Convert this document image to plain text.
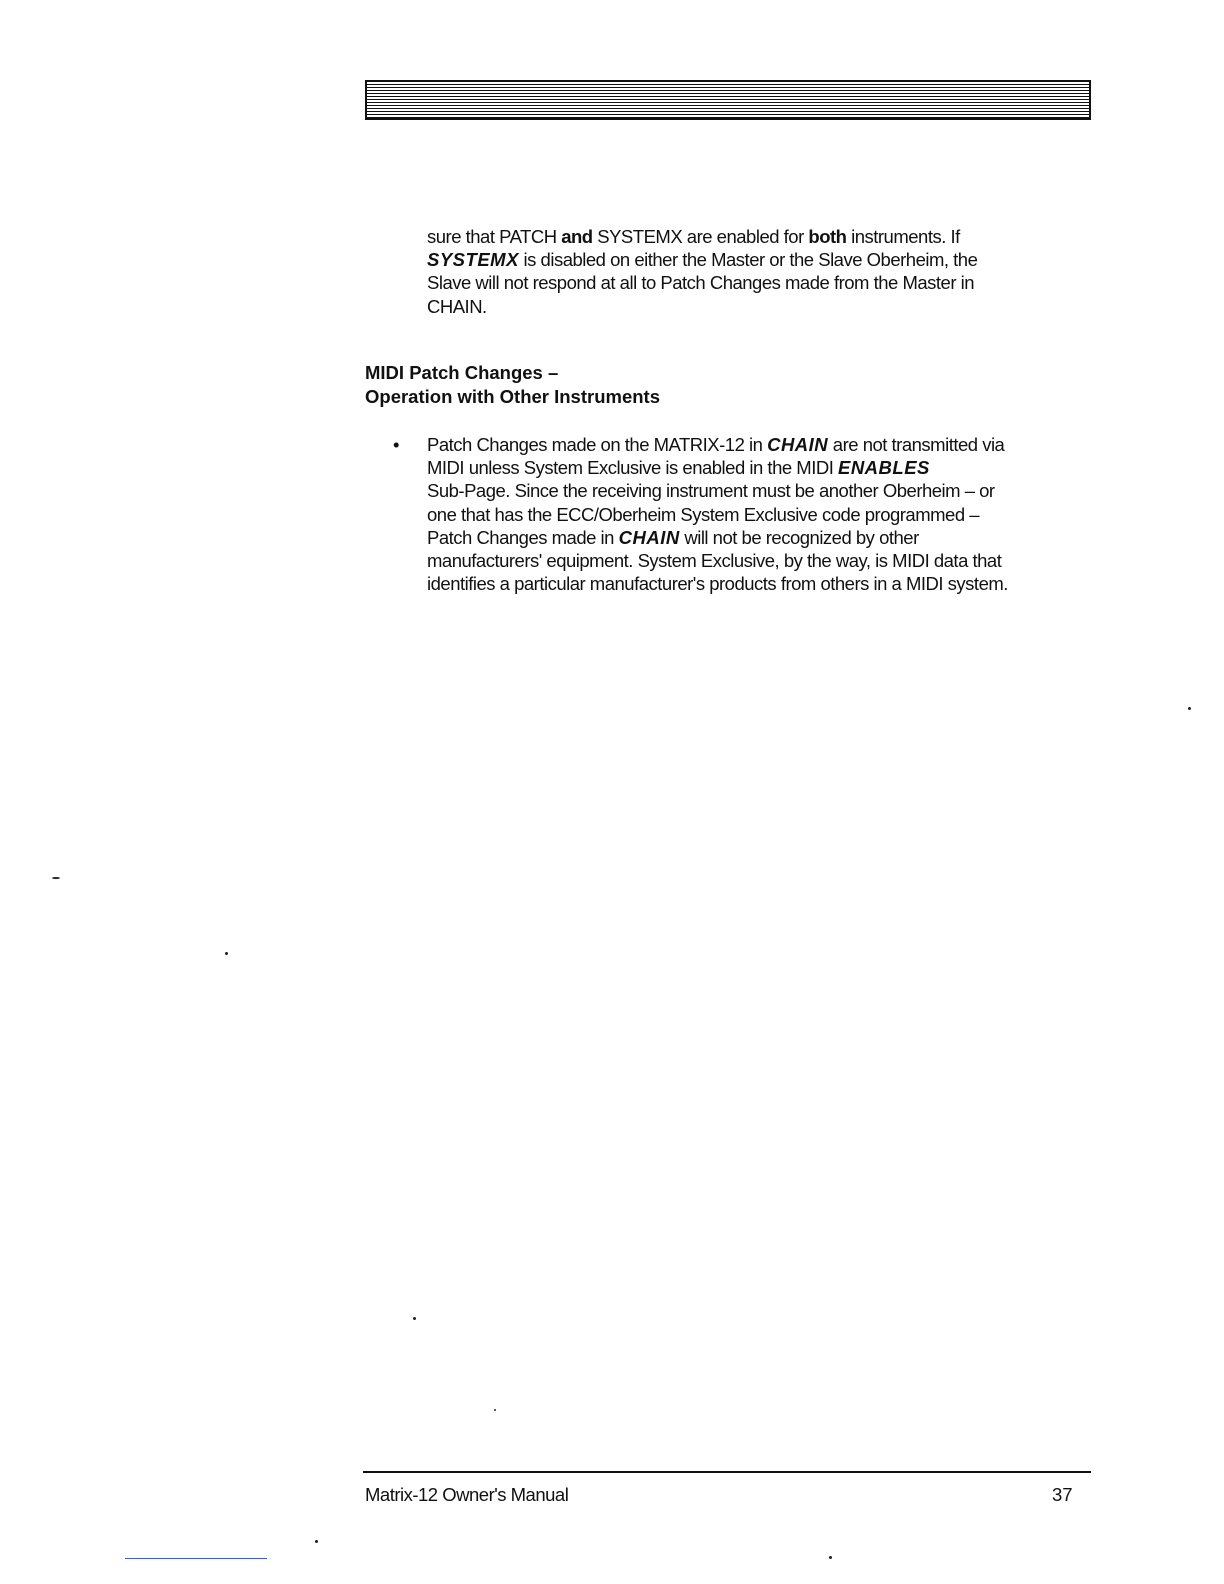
sure that PATCH and SYSTEMX are enabled for both instruments. If
SYSTEMX is disabled on either the Master or the Slave Oberheim, the
Slave will not respond at all to Patch Changes made from the Master in
CHAIN.

MIDI Patch Changes –
Operation with Other Instruments
•	Patch Changes made on the MATRIX-12 in CHAIN are not transmitted via
MIDI unless System Exclusive is enabled in the MIDI ENABLES
Sub-Page. Since the receiving instrument must be another Oberheim – or
one that has the ECC/Oberheim System Exclusive code programmed –
Patch Changes made in CHAIN will not be recognized by other
manufacturers' equipment. System Exclusive, by the way, is MIDI data that
identifies a particular manufacturer's products from others in a MIDI system.

Matrix-12 Owner's Manual	37
